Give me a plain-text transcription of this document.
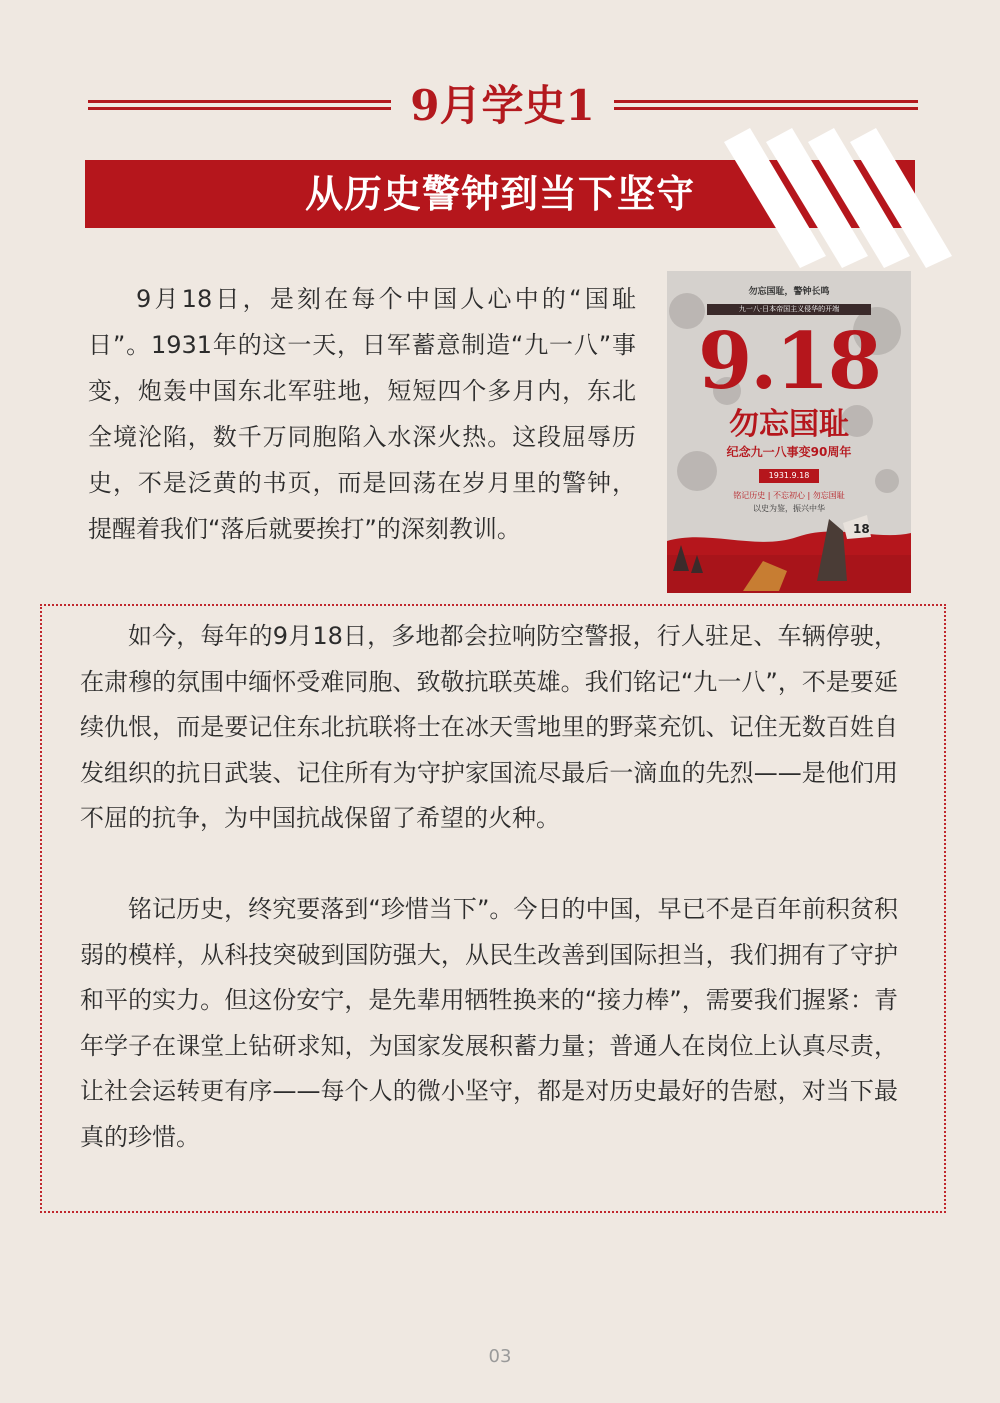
9月学史1
从历史警钟到当下坚守

9月18日，是刻在每个中国人心中的“国耻日”。1931年的这一天，日军蓄意制造“九一八”事变，炮轰中国东北军驻地，短短四个多月内，东北全境沦陷，数千万同胞陷入水深火热。这段屈辱历史，不是泛黄的书页，而是回荡在岁月里的警钟，提醒着我们“落后就要挨打”的深刻教训。

勿忘国耻，警钟长鸣
九一八·日本帝国主义侵华的开端
9.18
勿忘国耻
纪念九一八事变90周年
1931.9.18
铭记历史 | 不忘初心 | 勿忘国耻
以史为鉴，振兴中华
18

如今，每年的9月18日，多地都会拉响防空警报，行人驻足、车辆停驶，在肃穆的氛围中缅怀受难同胞、致敬抗联英雄。我们铭记“九一八”，不是要延续仇恨，而是要记住东北抗联将士在冰天雪地里的野菜充饥、记住无数百姓自发组织的抗日武装、记住所有为守护家国流尽最后一滴血的先烈——是他们用不屈的抗争，为中国抗战保留了希望的火种。

铭记历史，终究要落到“珍惜当下”。今日的中国，早已不是百年前积贫积弱的模样，从科技突破到国防强大，从民生改善到国际担当，我们拥有了守护和平的实力。但这份安宁，是先辈用牺牲换来的“接力棒”，需要我们握紧：青年学子在课堂上钻研求知，为国家发展积蓄力量；普通人在岗位上认真尽责，让社会运转更有序——每个人的微小坚守，都是对历史最好的告慰，对当下最真的珍惜。

03
